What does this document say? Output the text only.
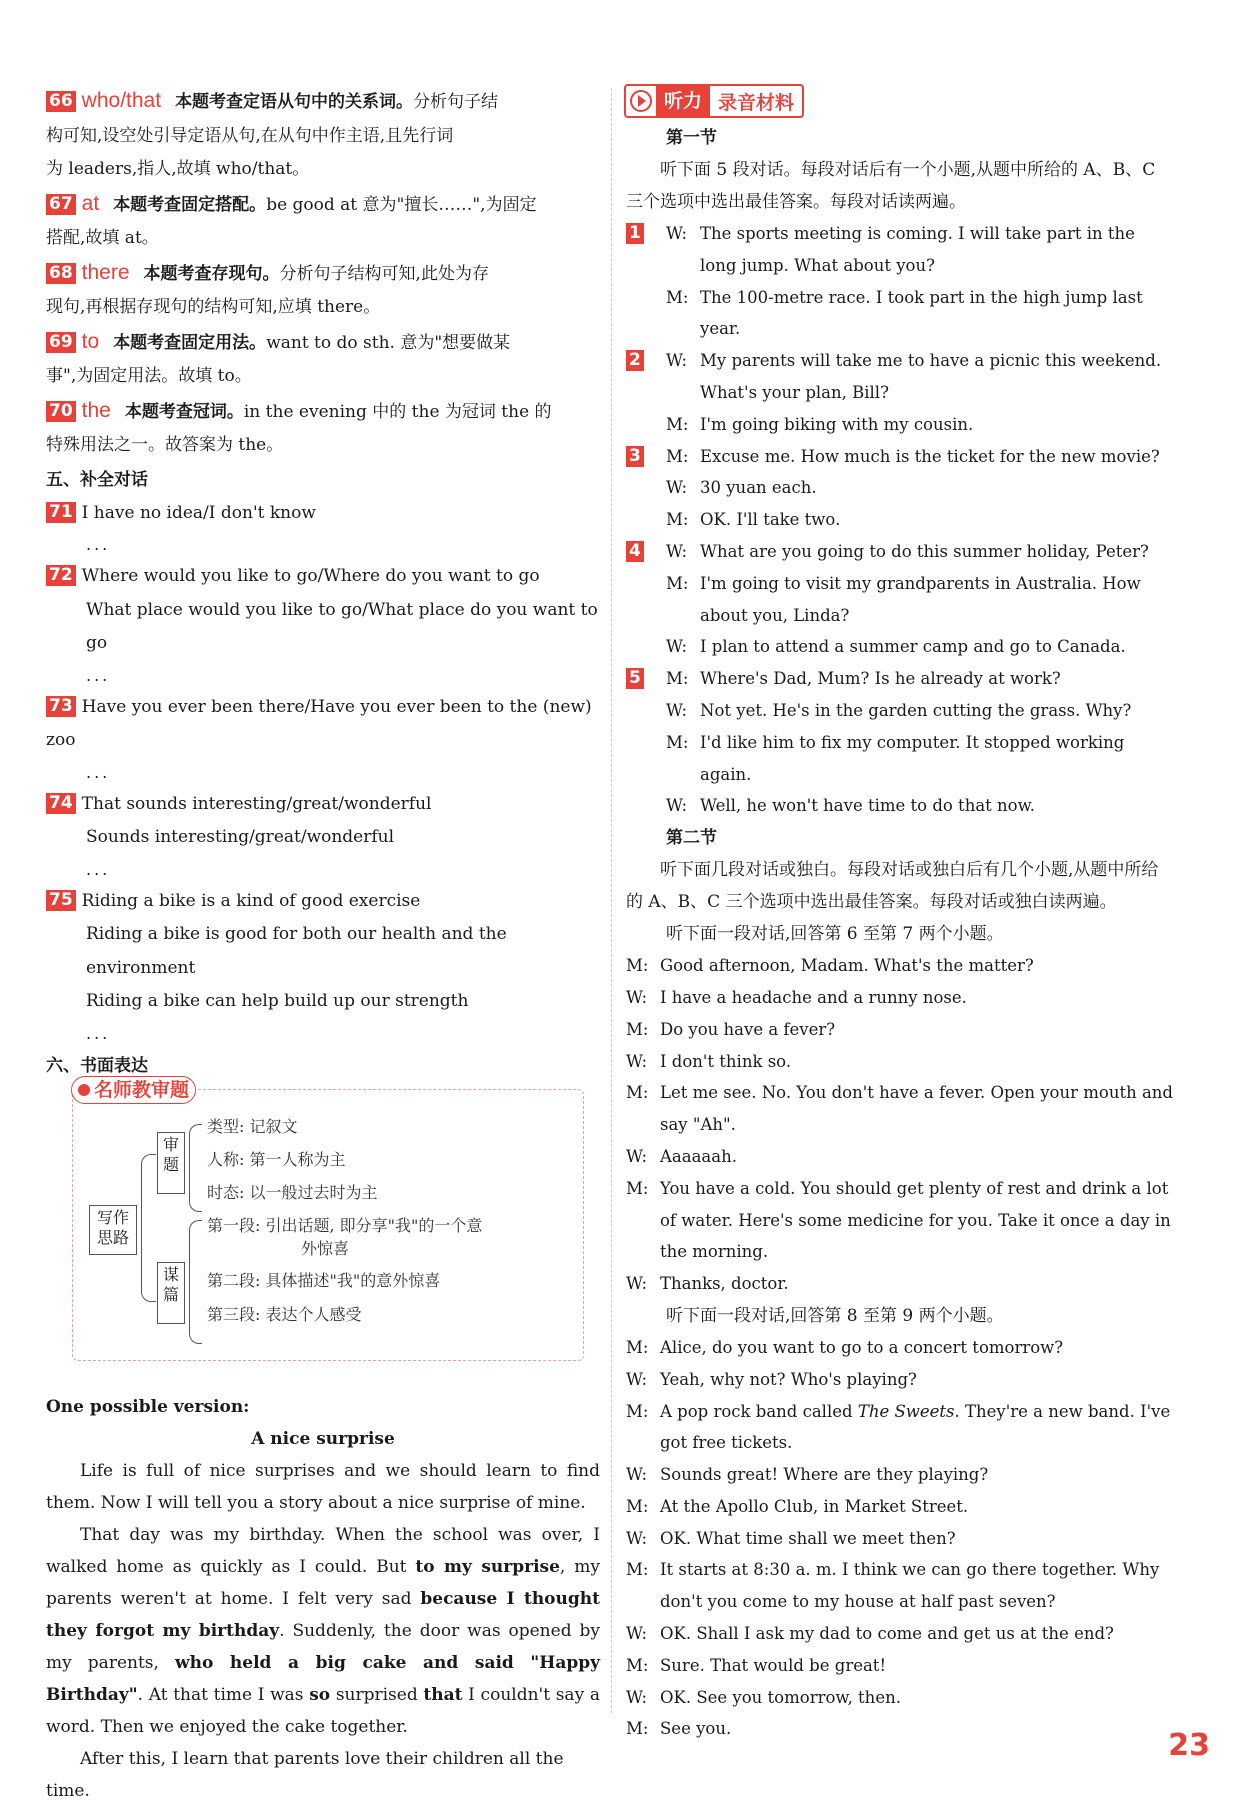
66 who/that 本题考查定语从句中的关系词。分析句子结
构可知,设空处引导定语从句,在从句中作主语,且先行词
为 leaders,指人,故填 who/that。
67 at 本题考查固定搭配。be good at 意为"擅长……",为固定
搭配,故填 at。
68 there 本题考查存现句。分析句子结构可知,此处为存
现句,再根据存现句的结构可知,应填 there。
69 to 本题考查固定用法。want to do sth. 意为"想要做某
事",为固定用法。故填 to。
70 the 本题考查冠词。in the evening 中的 the 为冠词 the 的
特殊用法之一。故答案为 the。
五、补全对话
71 I have no idea/I don't know
...
72 Where would you like to go/Where do you want to go
What place would you like to go/What place do you want to go
...
73 Have you ever been there/Have you ever been to the (new) zoo
...
74 That sounds interesting/great/wonderful
Sounds interesting/great/wonderful
...
75 Riding a bike is a kind of good exercise
Riding a bike is good for both our health and the environment
Riding a bike can help build up our strength
...
六、书面表达
名师教审题
写作思路
审题
谋篇
类型: 记叙文
人称: 第一人称为主
时态: 以一般过去时为主
第一段: 引出话题, 即分享"我"的一个意
外惊喜
第二段: 具体描述"我"的意外惊喜
第三段: 表达个人感受
One possible version:
A nice surprise
Life is full of nice surprises and we should learn to find them. Now I will tell you a story about a nice surprise of mine.
That day was my birthday. When the school was over, I walked home as quickly as I could. But to my surprise, my parents weren't at home. I felt very sad because I thought they forgot my birthday. Suddenly, the door was opened by my parents, who held a big cake and said "Happy Birthday". At that time I was so surprised that I couldn't say a word. Then we enjoyed the cake together.
After this, I learn that parents love their children all the time.
听力 录音材料
第一节
听下面 5 段对话。每段对话后有一个小题,从题中所给的 A、B、C 三个选项中选出最佳答案。每段对话读两遍。
1	W: The sports meeting is coming. I will take part in the long jump. What about you?
M: The 100-metre race. I took part in the high jump last year.
2	W: My parents will take me to have a picnic this weekend. What's your plan, Bill?
M: I'm going biking with my cousin.
3	M: Excuse me. How much is the ticket for the new movie?
W: 30 yuan each.
M: OK. I'll take two.
4	W: What are you going to do this summer holiday, Peter?
M: I'm going to visit my grandparents in Australia. How about you, Linda?
W: I plan to attend a summer camp and go to Canada.
5	M: Where's Dad, Mum? Is he already at work?
W: Not yet. He's in the garden cutting the grass. Why?
M: I'd like him to fix my computer. It stopped working again.
W: Well, he won't have time to do that now.
第二节
听下面几段对话或独白。每段对话或独白后有几个小题,从题中所给的 A、B、C 三个选项中选出最佳答案。每段对话或独白读两遍。
听下面一段对话,回答第 6 至第 7 两个小题。
M: Good afternoon, Madam. What's the matter?
W: I have a headache and a runny nose.
M: Do you have a fever?
W: I don't think so.
M: Let me see. No. You don't have a fever. Open your mouth and say "Ah".
W: Aaaaaah.
M: You have a cold. You should get plenty of rest and drink a lot of water. Here's some medicine for you. Take it once a day in the morning.
W: Thanks, doctor.
听下面一段对话,回答第 8 至第 9 两个小题。
M: Alice, do you want to go to a concert tomorrow?
W: Yeah, why not? Who's playing?
M: A pop rock band called The Sweets. They're a new band. I've got free tickets.
W: Sounds great! Where are they playing?
M: At the Apollo Club, in Market Street.
W: OK. What time shall we meet then?
M: It starts at 8:30 a. m. I think we can go there together. Why don't you come to my house at half past seven?
W: OK. Shall I ask my dad to come and get us at the end?
M: Sure. That would be great!
W: OK. See you tomorrow, then.
M: See you.	23
